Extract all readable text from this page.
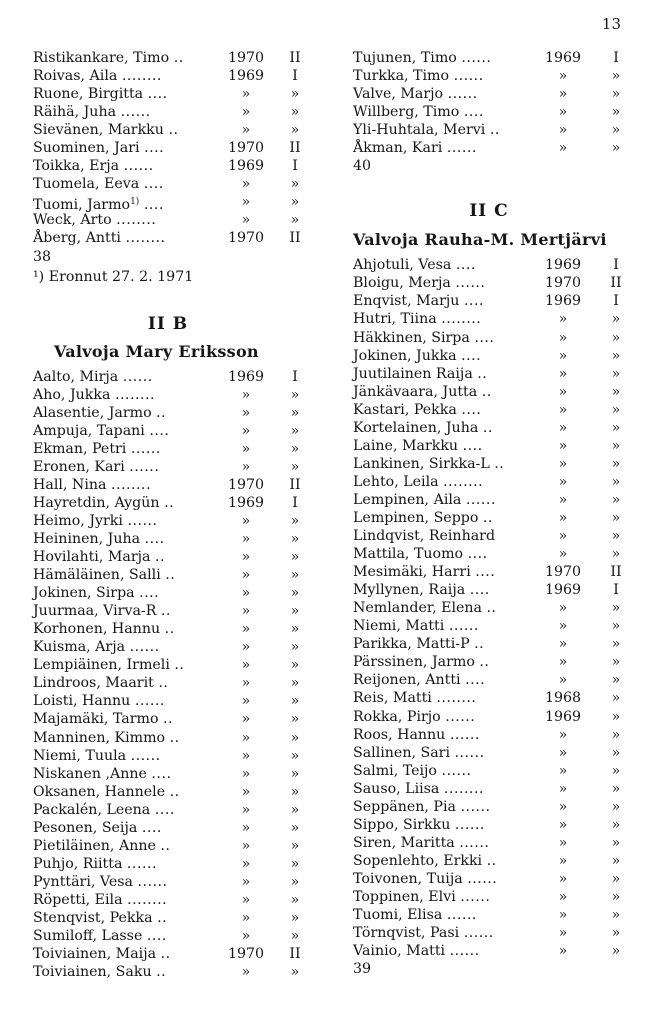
13
Ristikankare, Timo ..	1970	II
Roivas, Aila ........	1969	I
Ruone, Birgitta ....	»	»
Räihä, Juha ......	»	»
Sievänen, Markku ..	»	»
Suominen, Jari ....	1970	II
Toikka, Erja ......	1969	I
Tuomela, Eeva ....	»	»
Tuomi, Jarmo$^{1)}$ ....	»	»
Weck, Arto ........	»	»
Åberg, Antti ........	1970	II
38
¹) Eronnut 27. 2. 1971
II B
Valvoja Mary Eriksson
Aalto, Mirja ......	1969	I
Aho, Jukka ........	»	»
Alasentie, Jarmo ..	»	»
Ampuja, Tapani ....	»	»
Ekman, Petri ......	»	»
Eronen, Kari ......	»	»
Hall, Nina ........	1970	II
Hayretdin, Aygün ..	1969	I
Heimo, Jyrki ......	»	»
Heininen, Juha ....	»	»
Hovilahti, Marja ..	»	»
Hämäläinen, Salli ..	»	»
Jokinen, Sirpa ....	»	»
Juurmaa, Virva-R ..	»	»
Korhonen, Hannu ..	»	»
Kuisma, Arja ......	»	»
Lempiäinen, Irmeli ..	»	»
Lindroos, Maarit ..	»	»
Loisti, Hannu ......	»	»
Majamäki, Tarmo ..	»	»
Manninen, Kimmo ..	»	»
Niemi, Tuula ......	»	»
Niskanen ,Anne ....	»	»
Oksanen, Hannele ..	»	»
Packalén, Leena ....	»	»
Pesonen, Seija ....	»	»
Pietiläinen, Anne ..	»	»
Puhjo, Riitta ......	»	»
Pynttäri, Vesa ......	»	»
Röpetti, Eila ........	»	»
Stenqvist, Pekka ..	»	»
Sumiloff, Lasse ....	»	»
Toiviainen, Maija ..	1970	II
Toiviainen, Saku ..	»	»
Tujunen, Timo ......	1969	I
Turkka, Timo ......	»	»
Valve, Marjo ......	»	»
Willberg, Timo ....	»	»
Yli-Huhtala, Mervi ..	»	»
Åkman, Kari ......	»	»
40
II C
Valvoja Rauha-M. Mertjärvi
Ahjotuli, Vesa ....	1969	I
Bloigu, Merja ......	1970	II
Enqvist, Marju ....	1969	I
Hutri, Tiina ........	»	»
Häkkinen, Sirpa ....	»	»
Jokinen, Jukka ....	»	»
Juutilainen Raija ..	»	»
Jänkävaara, Jutta ..	»	»
Kastari, Pekka ....	»	»
Kortelainen, Juha ..	»	»
Laine, Markku ....	»	»
Lankinen, Sirkka-L ..	»	»
Lehto, Leila ........	»	»
Lempinen, Aila ......	»	»
Lempinen, Seppo ..	»	»
Lindqvist, Reinhard	»	»
Mattila, Tuomo ....	»	»
Mesimäki, Harri ....	1970	II
Myllynen, Raija ....	1969	I
Nemlander, Elena ..	»	»
Niemi, Matti ......	»	»
Parikka, Matti-P ..	»	»
Pärssinen, Jarmo ..	»	»
Reijonen, Antti ....	»	»
Reis, Matti ........	1968	»
Rokka, Pirjo ......	1969	»
Roos, Hannu ......	»	»
Sallinen, Sari ......	»	»
Salmi, Teijo ......	»	»
Sauso, Liisa ........	»	»
Seppänen, Pia ......	»	»
Sippo, Sirkku ......	»	»
Siren, Maritta ......	»	»
Sopenlehto, Erkki ..	»	»
Toivonen, Tuija ......	»	»
Toppinen, Elvi ......	»	»
Tuomi, Elisa ......	»	»
Törnqvist, Pasi ......	»	»
Vainio, Matti ......	»	»
39
